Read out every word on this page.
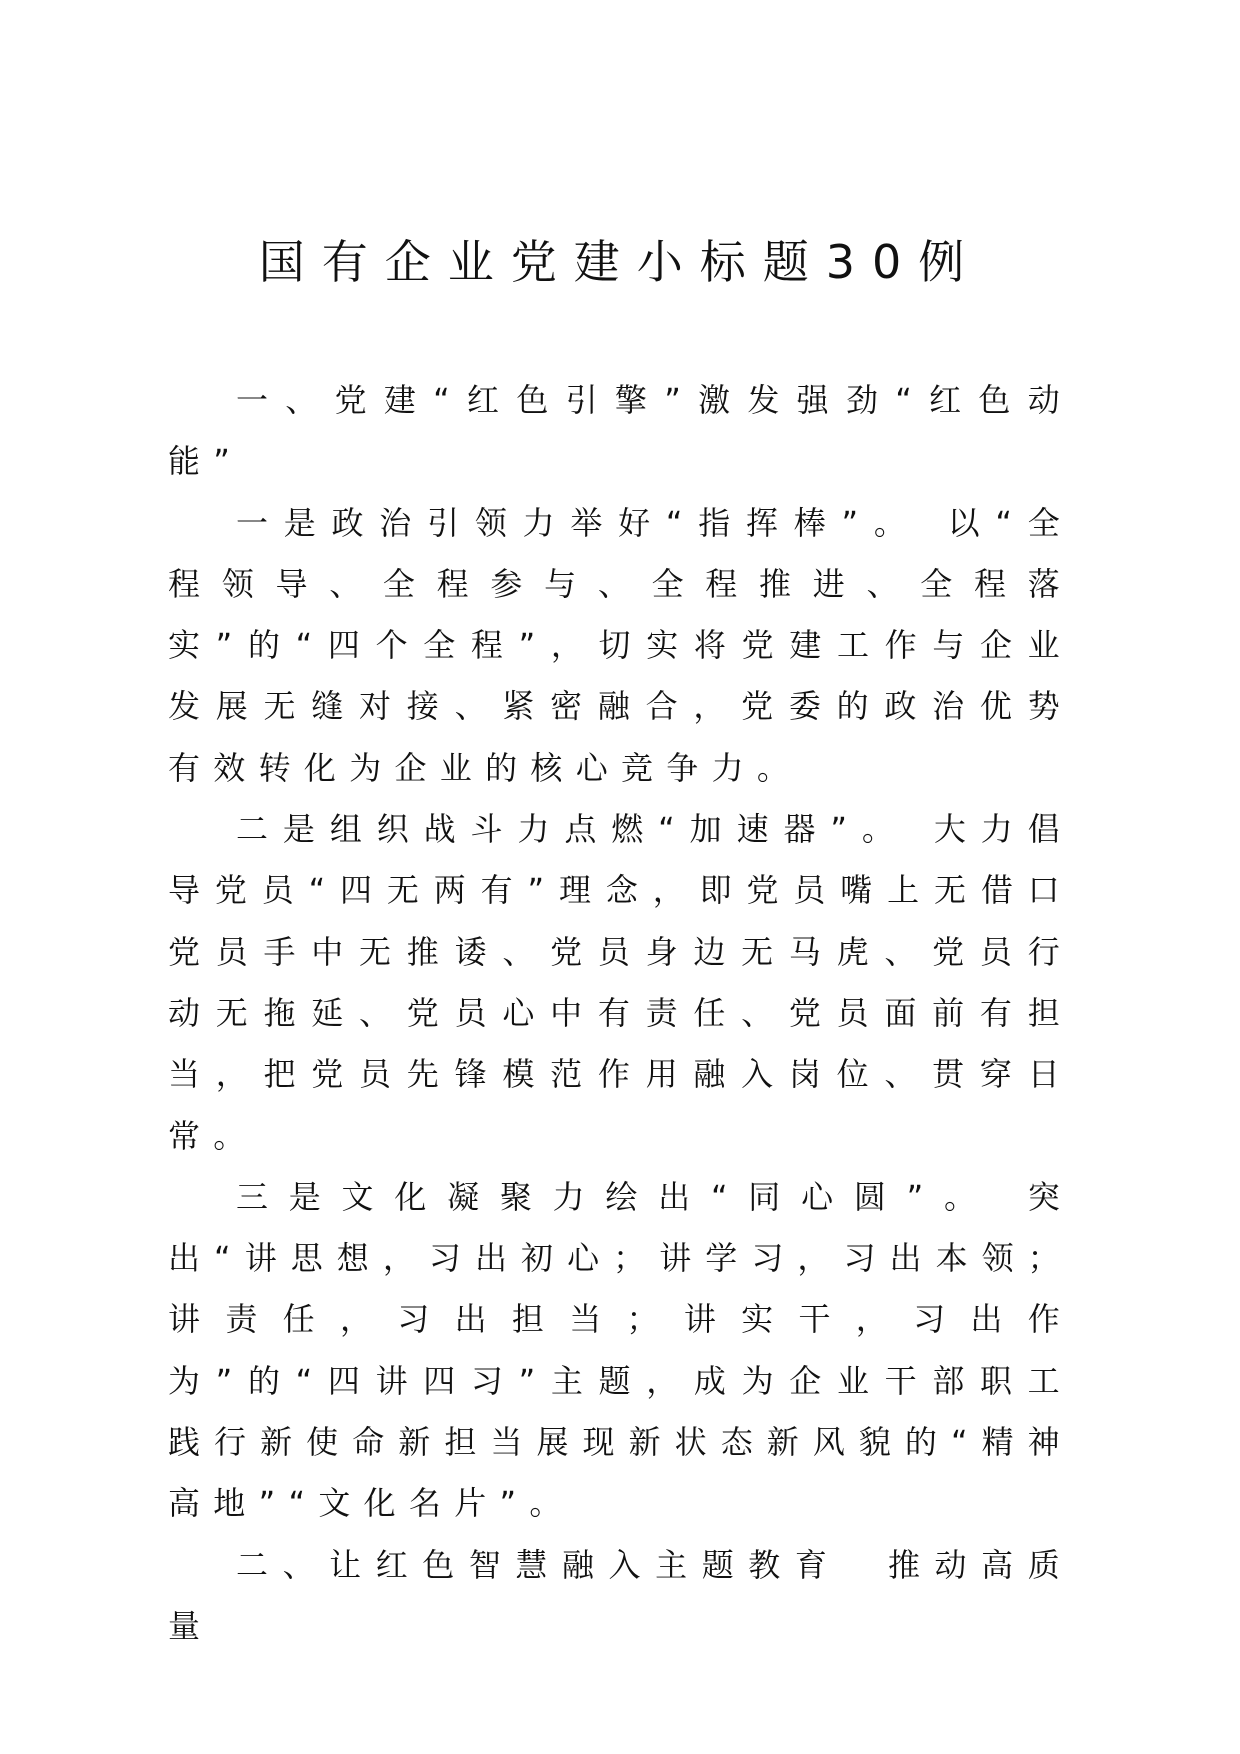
国有企业党建小标题30例

一、党建“红色引擎”激发强劲“红色动能”

一是政治引领力举好“指挥棒”。 以“全程领导、全程参与、全程推进、全程落实”的“四个全程”，切实将党建工作与企业发展无缝对接、紧密融合，党委的政治优势有效转化为企业的核心竞争力。

二是组织战斗力点燃“加速器”。 大力倡导党员“四无两有”理念，即党员嘴上无借口党员手中无推诿、党员身边无马虎、党员行动无拖延、党员心中有责任、党员面前有担当，把党员先锋模范作用融入岗位、贯穿日常。

三是文化凝聚力绘出“同心圆”。 突出“讲思想，习出初心；讲学习，习出本领；讲责任，习出担当；讲实干，习出作为”的“四讲四习”主题，成为企业干部职工践行新使命新担当展现新状态新风貌的“精神高地”“文化名片”。

二、让红色智慧融入主题教育　推动高质量
